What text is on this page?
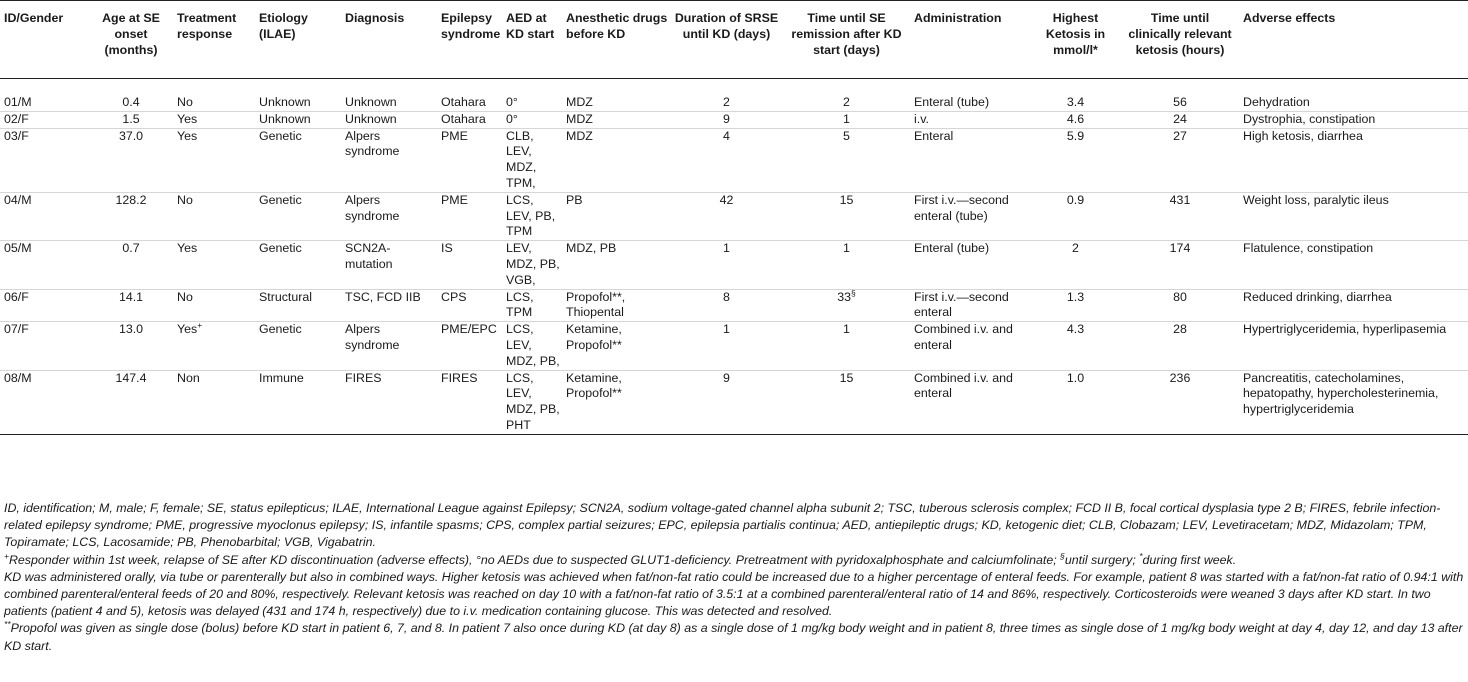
ID/Gender	Age at SE onset (months)	Treatment response	Etiology (ILAE)	Diagnosis	Epilepsy syndrome	AED at KD start	Anesthetic drugs before KD	Duration of SRSE until KD (days)	Time until SE remission after KD start (days)	Administration	Highest Ketosis in mmol/l*	Time until clinically relevant ketosis (hours)	Adverse effects
01/M	0.4	No	Unknown	Unknown	Otahara	0°	MDZ	2	2	Enteral (tube)	3.4	56	Dehydration
02/F	1.5	Yes	Unknown	Unknown	Otahara	0°	MDZ	9	1	i.v.	4.6	24	Dystrophia, constipation
03/F	37.0	Yes	Genetic	Alpers syndrome	PME	CLB, LEV, MDZ, TPM,	MDZ	4	5	Enteral	5.9	27	High ketosis, diarrhea
04/M	128.2	No	Genetic	Alpers syndrome	PME	LCS, LEV, PB, TPM	PB	42	15	First i.v.—second enteral (tube)	0.9	431	Weight loss, paralytic ileus
05/M	0.7	Yes	Genetic	SCN2A-mutation	IS	LEV, MDZ, PB, VGB,	MDZ, PB	1	1	Enteral (tube)	2	174	Flatulence, constipation
06/F	14.1	No	Structural	TSC, FCD IIB	CPS	LCS, TPM	Propofol**, Thiopental	8	33§	First i.v.—second enteral	1.3	80	Reduced drinking, diarrhea
07/F	13.0	Yes+	Genetic	Alpers syndrome	PME/EPC	LCS, LEV, MDZ, PB,	Ketamine, Propofol**	1	1	Combined i.v. and enteral	4.3	28	Hypertriglyceridemia, hyperlipasemia
08/M	147.4	Non	Immune	FIRES	FIRES	LCS, LEV, MDZ, PB, PHT	Ketamine, Propofol**	9	15	Combined i.v. and enteral	1.0	236	Pancreatitis, catecholamines, hepatopathy, hypercholesterinemia, hypertriglyceridemia

ID, identification; M, male; F, female; SE, status epilepticus; ILAE, International League against Epilepsy; SCN2A, sodium voltage-gated channel alpha subunit 2; TSC, tuberous sclerosis complex; FCD II B, focal cortical dysplasia type 2 B; FIRES, febrile infection-related epilepsy syndrome; PME, progressive myoclonus epilepsy; IS, infantile spasms; CPS, complex partial seizures; EPC, epilepsia partialis continua; AED, antiepileptic drugs; KD, ketogenic diet; CLB, Clobazam; LEV, Levetiracetam; MDZ, Midazolam; TPM, Topiramate; LCS, Lacosamide; PB, Phenobarbital; VGB, Vigabatrin.

+Responder within 1st week, relapse of SE after KD discontinuation (adverse effects), °no AEDs due to suspected GLUT1-deficiency. Pretreatment with pyridoxalphosphate and calciumfolinate; §until surgery; *during first week.

KD was administered orally, via tube or parenterally but also in combined ways. Higher ketosis was achieved when fat/non-fat ratio could be increased due to a higher percentage of enteral feeds. For example, patient 8 was started with a fat/non-fat ratio of 0.94:1 with combined parenteral/enteral feeds of 20 and 80%, respectively. Relevant ketosis was reached on day 10 with a fat/non-fat ratio of 3.5:1 at a combined parenteral/enteral ratio of 14 and 86%, respectively. Corticosteroids were weaned 3 days after KD start. In two patients (patient 4 and 5), ketosis was delayed (431 and 174 h, respectively) due to i.v. medication containing glucose. This was detected and resolved.

**Propofol was given as single dose (bolus) before KD start in patient 6, 7, and 8. In patient 7 also once during KD (at day 8) as a single dose of 1 mg/kg body weight and in patient 8, three times as single dose of 1 mg/kg body weight at day 4, day 12, and day 13 after KD start.
